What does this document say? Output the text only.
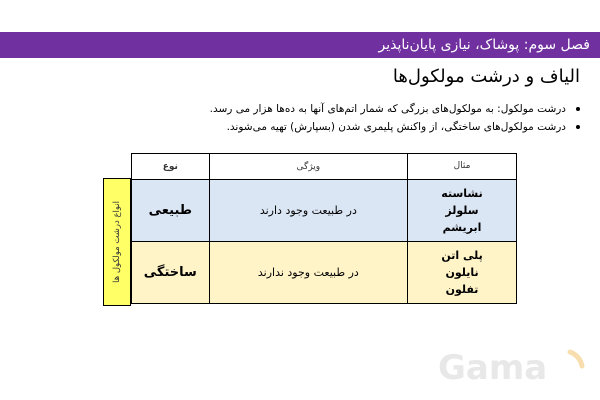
فصل سوم: پوشاک، نیازی پایان‌ناپذیر
الیاف و درشت مولکول‌ها
درشت مولکول: به مولکول‌های بزرگی که شمار اتم‌های آنها به ده‌ها هزار می رسد.
درشت مولکول‌های ساختگی، از واکنش پلیمری شدن (بسپارش) تهیه می‌شوند.
انواع درشت مولکول ها
مثال	ویژگی	نوع

نشاسته
سلولز
ابریشم	در طبیعت وجود دارند	طبیعی

پلی اتن
نایلون
تفلون	در طبیعت وجود ندارند	ساختگی
Gama
